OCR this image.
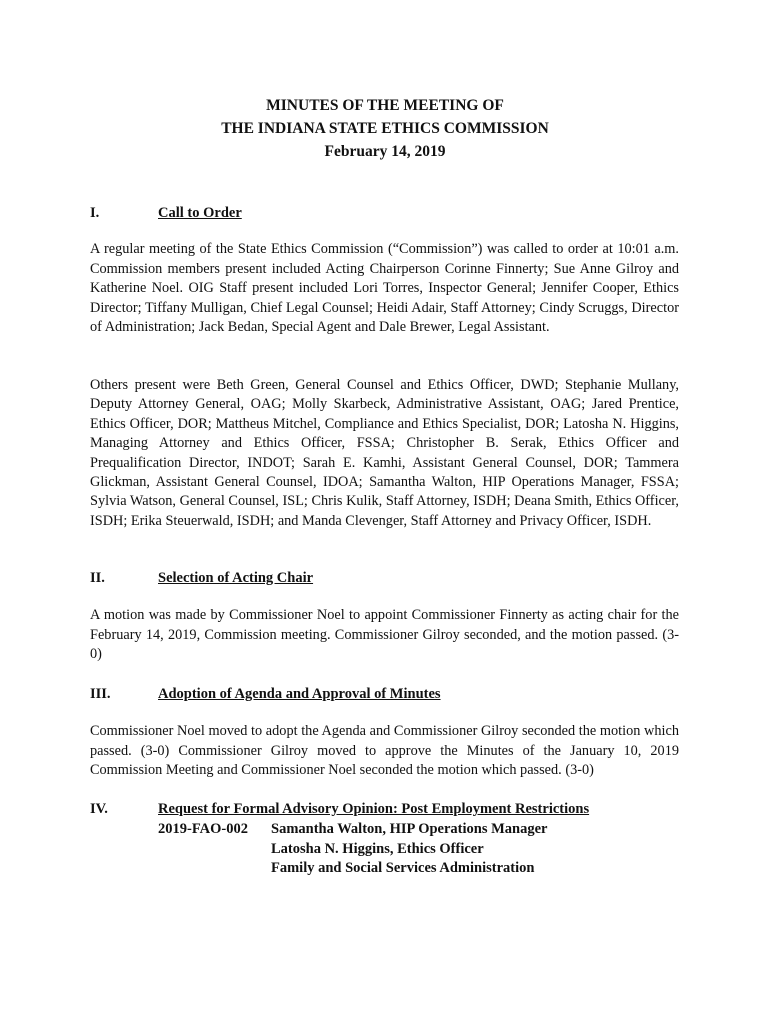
MINUTES OF THE MEETING OF
THE INDIANA STATE ETHICS COMMISSION
February 14, 2019
I.	Call to Order

A regular meeting of the State Ethics Commission (“Commission”) was called to order at 10:01 a.m. Commission members present included Acting Chairperson Corinne Finnerty; Sue Anne Gilroy and Katherine Noel. OIG Staff present included Lori Torres, Inspector General; Jennifer Cooper, Ethics Director; Tiffany Mulligan, Chief Legal Counsel; Heidi Adair, Staff Attorney; Cindy Scruggs, Director of Administration; Jack Bedan, Special Agent and Dale Brewer, Legal Assistant.

Others present were Beth Green, General Counsel and Ethics Officer, DWD; Stephanie Mullany, Deputy Attorney General, OAG; Molly Skarbeck, Administrative Assistant, OAG; Jared Prentice, Ethics Officer, DOR; Mattheus Mitchel, Compliance and Ethics Specialist, DOR; Latosha N. Higgins, Managing Attorney and Ethics Officer, FSSA; Christopher B. Serak, Ethics Officer and Prequalification Director, INDOT; Sarah E. Kamhi, Assistant General Counsel, DOR; Tammera Glickman, Assistant General Counsel, IDOA; Samantha Walton, HIP Operations Manager, FSSA; Sylvia Watson, General Counsel, ISL; Chris Kulik, Staff Attorney, ISDH; Deana Smith, Ethics Officer, ISDH; Erika Steuerwald, ISDH; and Manda Clevenger, Staff Attorney and Privacy Officer, ISDH.

II.	Selection of Acting Chair

A motion was made by Commissioner Noel to appoint Commissioner Finnerty as acting chair for the February 14, 2019, Commission meeting. Commissioner Gilroy seconded, and the motion passed. (3-0)

III.	Adoption of Agenda and Approval of Minutes

Commissioner Noel moved to adopt the Agenda and Commissioner Gilroy seconded the motion which passed. (3-0) Commissioner Gilroy moved to approve the Minutes of the January 10, 2019 Commission Meeting and Commissioner Noel seconded the motion which passed. (3-0)

IV.	Request for Formal Advisory Opinion: Post Employment Restrictions
2019-FAO-002 Samantha Walton, HIP Operations Manager
Latosha N. Higgins, Ethics Officer
Family and Social Services Administration
